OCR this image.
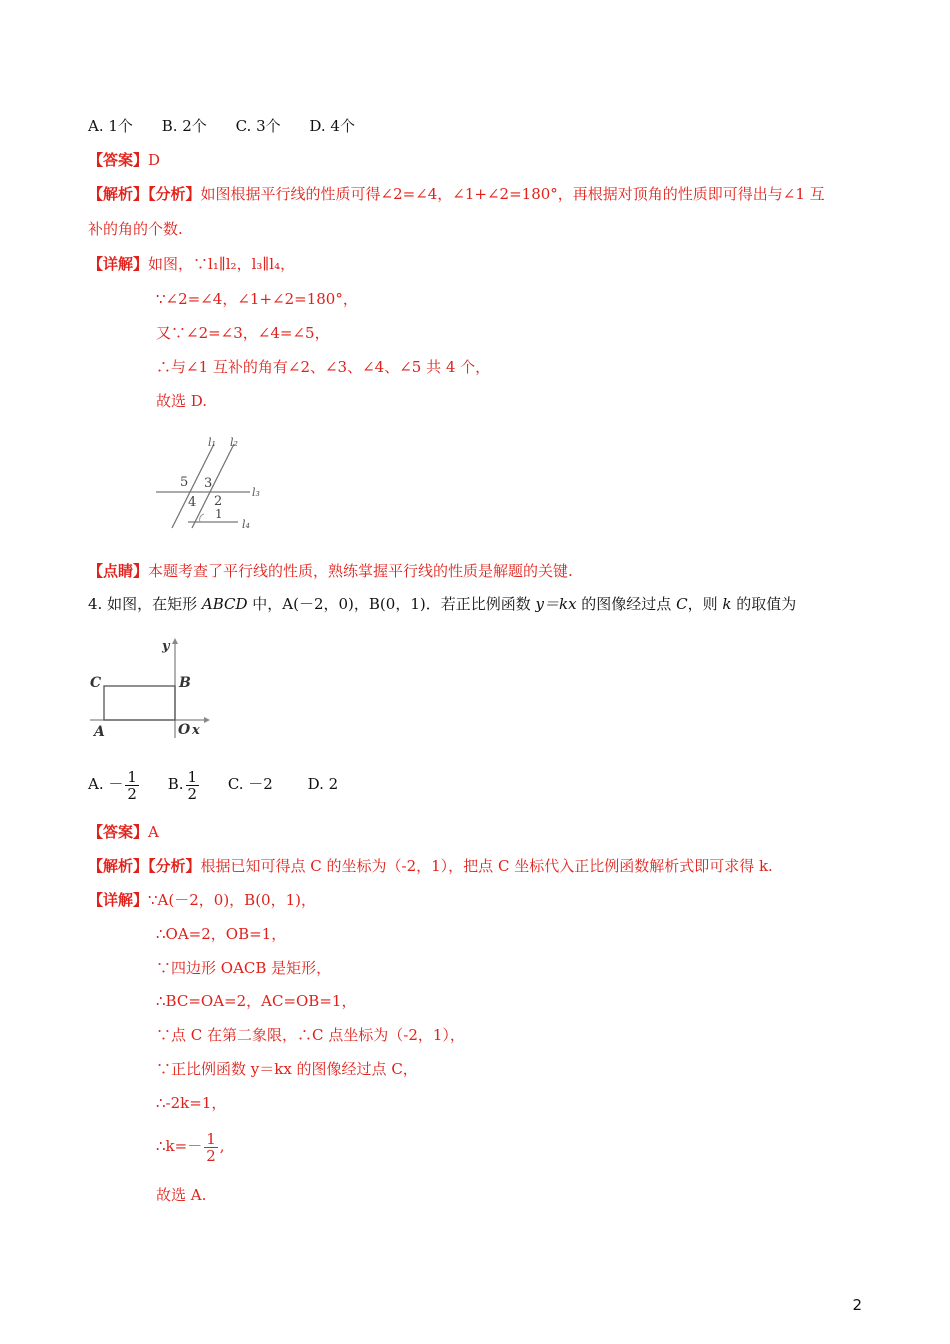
A. 1个 B. 2个 C. 3个 D. 4个
【答案】D
【解析】【分析】如图根据平行线的性质可得∠2=∠4，∠1+∠2=180°，再根据对顶角的性质即可得出与∠1 互
补的角的个数.
【详解】如图，∵l₁∥l₂，l₃∥l₄，
∵∠2=∠4，∠1+∠2=180°，
又∵∠2=∠3，∠4=∠5，
∴与∠1 互补的角有∠2、∠3、∠4、∠5 共 4 个，
故选 D.
l₁ l₂
l₃
l₄
5 3
4 2
1
【点睛】本题考查了平行线的性质，熟练掌握平行线的性质是解题的关键.
4. 如图，在矩形 ABCD 中，A(－2，0)，B(0，1)．若正比例函数 y＝kx 的图像经过点 C，则 k 的取值为
y
x
C	B
A	O
A. － $\frac{1}{2} B$. $\frac{1}{2} C$. －2 D. 2
【答案】A
【解析】【分析】根据已知可得点 C 的坐标为（-2，1），把点 C 坐标代入正比例函数解析式即可求得 k.
【详解】∵A(－2，0)，B(0，1)，
∴OA=2，OB=1，
∵四边形 OACB 是矩形，
∴BC=OA=2，AC=OB=1，
∵点 C 在第二象限，∴C 点坐标为（-2，1），
∵正比例函数 y＝kx 的图像经过点 C，
∴-2k=1，
∴k=－ $\frac{1}{2}$ ,
故选 A.
2
